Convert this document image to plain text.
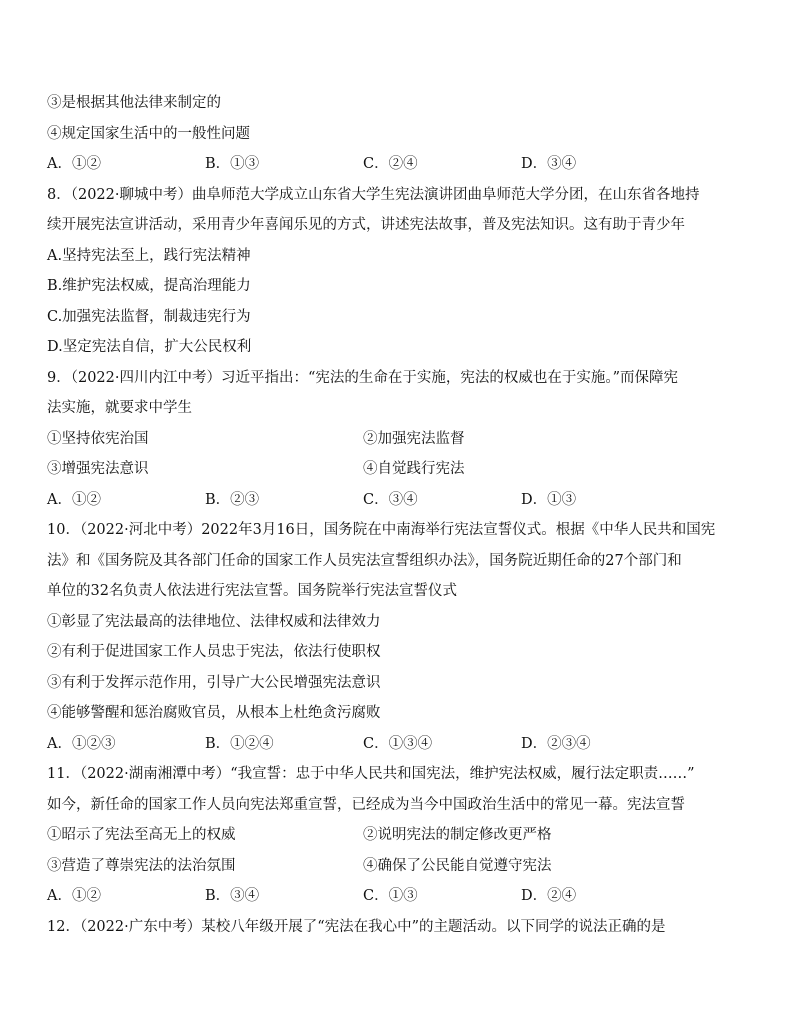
③是根据其他法律来制定的
④规定国家生活中的一般性问题
A．①②	B．①③	C．②④	D．③④
8．（2022·聊城中考）曲阜师范大学成立山东省大学生宪法演讲团曲阜师范大学分团，在山东省各地持
续开展宪法宣讲活动，采用青少年喜闻乐见的方式，讲述宪法故事，普及宪法知识。这有助于青少年
A.坚持宪法至上，践行宪法精神
B.维护宪法权威，提高治理能力
C.加强宪法监督，制裁违宪行为
D.坚定宪法自信，扩大公民权利
9．（2022·四川内江中考）习近平指出：“宪法的生命在于实施，宪法的权威也在于实施。”而保障宪
法实施，就要求中学生
①坚持依宪治国	②加强宪法监督
③增强宪法意识	④自觉践行宪法
A．①②	B．②③	C．③④	D．①③
10．（2022·河北中考）2022年3月16日，国务院在中南海举行宪法宣誓仪式。根据《中华人民共和国宪
法》和《国务院及其各部门任命的国家工作人员宪法宣誓组织办法》，国务院近期任命的27个部门和
单位的32名负责人依法进行宪法宣誓。国务院举行宪法宣誓仪式
①彰显了宪法最高的法律地位、法律权威和法律效力
②有利于促进国家工作人员忠于宪法，依法行使职权
③有利于发挥示范作用，引导广大公民增强宪法意识
④能够警醒和惩治腐败官员，从根本上杜绝贪污腐败
A．①②③	B．①②④	C．①③④	D．②③④
11．（2022·湖南湘潭中考）“我宣誓：忠于中华人民共和国宪法，维护宪法权威，履行法定职责……”
如今，新任命的国家工作人员向宪法郑重宣誓，已经成为当今中国政治生活中的常见一幕。宪法宣誓
①昭示了宪法至高无上的权威	②说明宪法的制定修改更严格
③营造了尊崇宪法的法治氛围	④确保了公民能自觉遵守宪法
A．①②	B．③④	C．①③	D．②④
12．（2022·广东中考）某校八年级开展了“宪法在我心中”的主题活动。以下同学的说法正确的是
